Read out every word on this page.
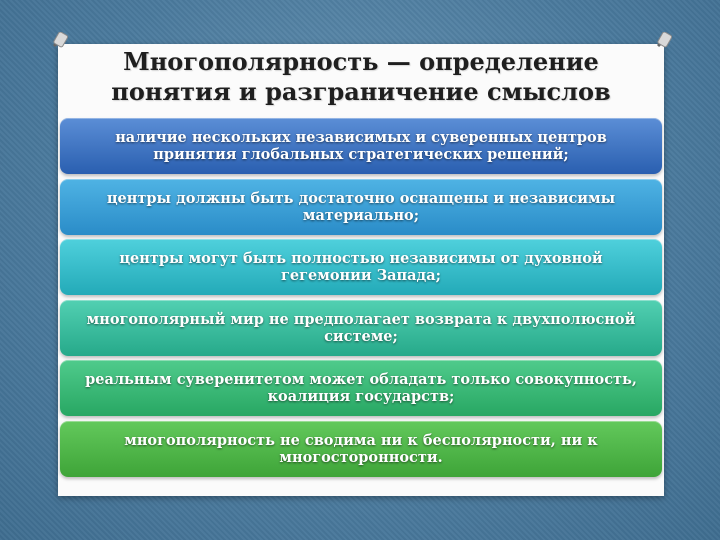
Многополярность — определение
понятия и разграничение смыслов
наличие нескольких независимых и суверенных центров
принятия глобальных стратегических решений;
центры должны быть достаточно оснащены и независимы
материально;
центры могут быть полностью независимы от духовной
гегемонии Запада;
многополярный мир не предполагает возврата к двухполюсной
системе;
реальным суверенитетом может обладать только совокупность,
коалиция государств;
многополярность не сводима ни к бесполярности, ни к
многосторонности.
